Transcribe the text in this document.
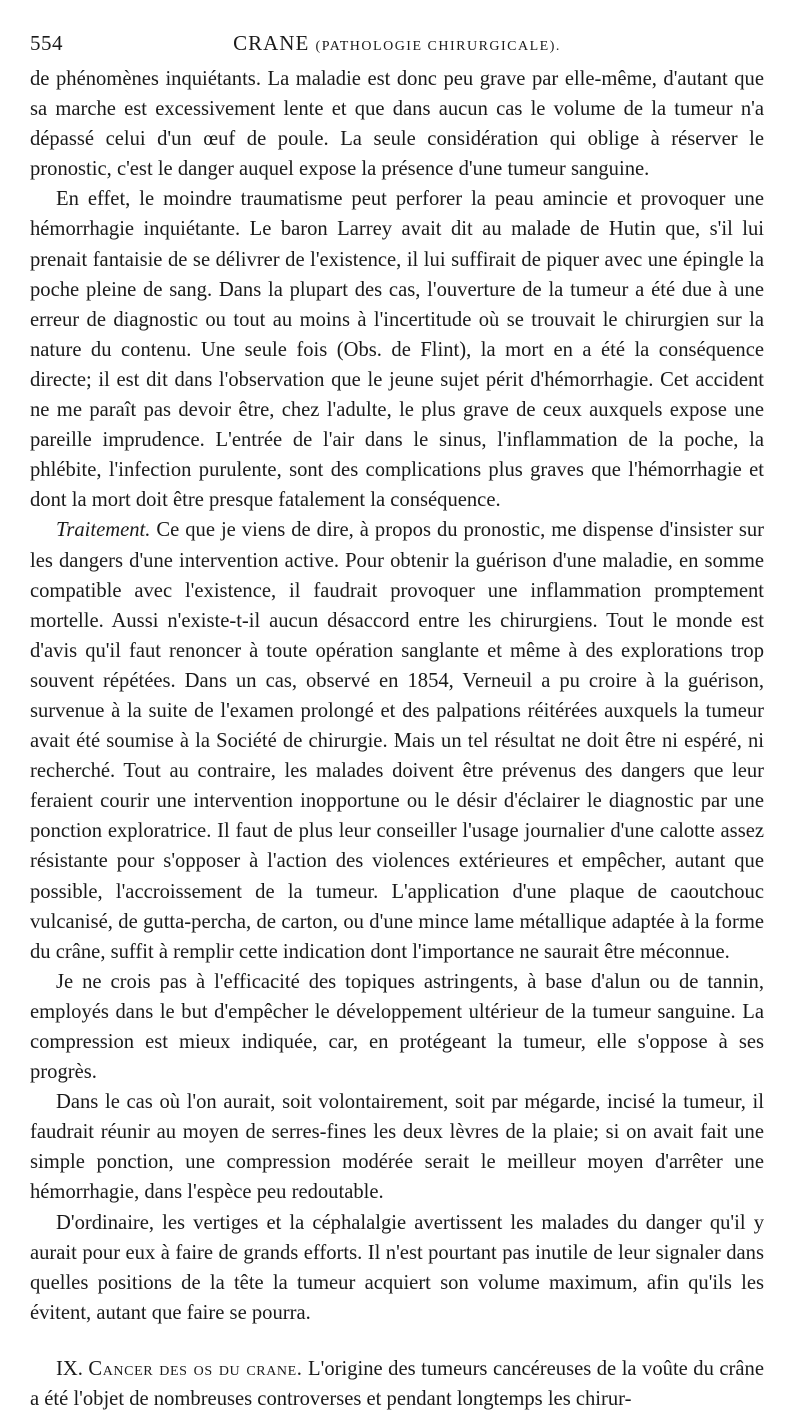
554	CRANE (PATHOLOGIE CHIRURGICALE).

de phénomènes inquiétants. La maladie est donc peu grave par elle-même, d'autant que sa marche est excessivement lente et que dans aucun cas le volume de la tumeur n'a dépassé celui d'un œuf de poule. La seule considération qui oblige à réserver le pronostic, c'est le danger auquel expose la présence d'une tumeur sanguine.

En effet, le moindre traumatisme peut perforer la peau amincie et provoquer une hémorrhagie inquiétante. Le baron Larrey avait dit au malade de Hutin que, s'il lui prenait fantaisie de se délivrer de l'existence, il lui suffirait de piquer avec une épingle la poche pleine de sang. Dans la plupart des cas, l'ouverture de la tumeur a été due à une erreur de diagnostic ou tout au moins à l'incertitude où se trouvait le chirurgien sur la nature du contenu. Une seule fois (Obs. de Flint), la mort en a été la conséquence directe; il est dit dans l'observation que le jeune sujet périt d'hémorrhagie. Cet accident ne me paraît pas devoir être, chez l'adulte, le plus grave de ceux auxquels expose une pareille imprudence. L'entrée de l'air dans le sinus, l'inflammation de la poche, la phlébite, l'infection purulente, sont des complications plus graves que l'hémorrhagie et dont la mort doit être presque fatalement la conséquence.

Traitement. Ce que je viens de dire, à propos du pronostic, me dispense d'insister sur les dangers d'une intervention active. Pour obtenir la guérison d'une maladie, en somme compatible avec l'existence, il faudrait provoquer une inflammation promptement mortelle. Aussi n'existe-t-il aucun désaccord entre les chirurgiens. Tout le monde est d'avis qu'il faut renoncer à toute opération sanglante et même à des explorations trop souvent répétées. Dans un cas, observé en 1854, Verneuil a pu croire à la guérison, survenue à la suite de l'examen prolongé et des palpations réitérées auxquels la tumeur avait été soumise à la Société de chirurgie. Mais un tel résultat ne doit être ni espéré, ni recherché. Tout au contraire, les malades doivent être prévenus des dangers que leur feraient courir une intervention inopportune ou le désir d'éclairer le diagnostic par une ponction exploratrice. Il faut de plus leur conseiller l'usage journalier d'une calotte assez résistante pour s'opposer à l'action des violences extérieures et empêcher, autant que possible, l'accroissement de la tumeur. L'application d'une plaque de caoutchouc vulcanisé, de gutta-percha, de carton, ou d'une mince lame métallique adaptée à la forme du crâne, suffit à remplir cette indication dont l'importance ne saurait être méconnue.

Je ne crois pas à l'efficacité des topiques astringents, à base d'alun ou de tannin, employés dans le but d'empêcher le développement ultérieur de la tumeur sanguine. La compression est mieux indiquée, car, en protégeant la tumeur, elle s'oppose à ses progrès.

Dans le cas où l'on aurait, soit volontairement, soit par mégarde, incisé la tumeur, il faudrait réunir au moyen de serres-fines les deux lèvres de la plaie; si on avait fait une simple ponction, une compression modérée serait le meilleur moyen d'arrêter une hémorrhagie, dans l'espèce peu redoutable.

D'ordinaire, les vertiges et la céphalalgie avertissent les malades du danger qu'il y aurait pour eux à faire de grands efforts. Il n'est pourtant pas inutile de leur signaler dans quelles positions de la tête la tumeur acquiert son volume maximum, afin qu'ils les évitent, autant que faire se pourra.

IX. Cancer des os du crane. L'origine des tumeurs cancéreuses de la voûte du crâne a été l'objet de nombreuses controverses et pendant longtemps les chirur-
